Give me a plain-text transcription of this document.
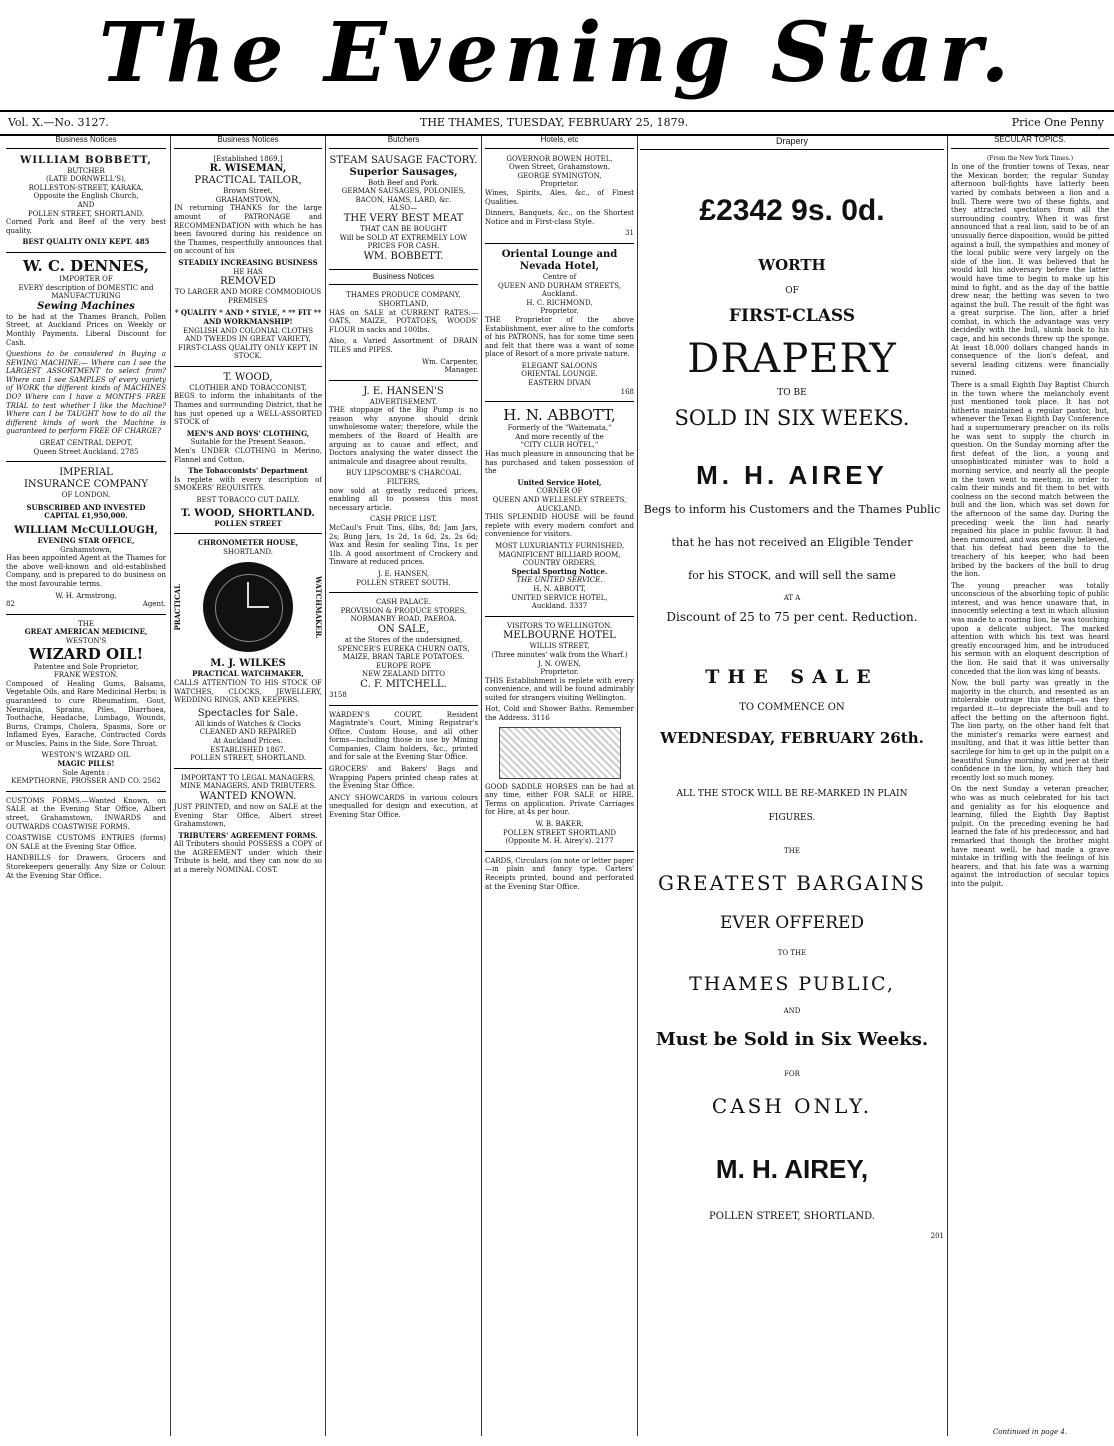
The Evening Star.
Vol. X.—No. 3127.	THE THAMES, TUESDAY, FEBRUARY 25, 1879.	Price One Penny
Business Notices
WILLIAM BOBBETT,
BUTCHER
(LATE DORNWELL'S),
ROLLESTON-STREET, KARAKA,
Opposite the English Church,
AND
POLLEN STREET, SHORTLAND.
Corned Pork and Beef of the very best quality.
BEST QUALITY ONLY KEPT. 485
W. C. DENNES,
IMPORTER OF
EVERY description of DOMESTIC and MANUFACTURING
Sewing Machines
to be had at the Thames Branch, Pollen Street, at Auckland Prices on Weekly or Monthly Payments. Liberal Discount for Cash.
Questions to be considered in Buying a SEWING MACHINE:— Where can I see the LARGEST ASSORTMENT to select from? Where can I see SAMPLES of every variety of WORK the different kinds of MACHINES DO? Where can I have a MONTH'S FREE TRIAL to test whether I like the Machine? Where can I be TAUGHT how to do all the different kinds of work the Machine is guaranteed to perform FREE OF CHARGE?
GREAT CENTRAL DEPOT,
Queen Street Auckland. 2785
IMPERIAL
INSURANCE COMPANY
OF LONDON.
SUBSCRIBED AND INVESTED
CAPITAL £1,950,000.
WILLIAM McCULLOUGH,
EVENING STAR OFFICE,
Grahamstown,
Has been appointed Agent at the Thames for the above well-known and old-established Company, and is prepared to do business on the most favourable terms.
W. H. Armstrong,
82	Agent.
THE
GREAT AMERICAN MEDICINE,
WESTON'S
WIZARD OIL!
Patentee and Sole Proprietor,
FRANK WESTON.
Composed of Healing Gums, Balsams, Vegetable Oils, and Rare Medicinal Herbs; is guaranteed to cure Rheumatism, Gout, Neuralgia, Sprains, Piles, Diarrhoea, Toothache, Headache, Lumbago, Wounds, Burns, Cramps, Cholera, Spasms, Sore or Inflamed Eyes, Earache, Contracted Cords or Muscles, Pains in the Side, Sore Throat.
WESTON'S WIZARD OIL
MAGIC PILLS!
Sole Agents :
KEMPTHORNE, PROSSER AND CO. 2562
CUSTOMS FORMS.—Wanted Known, on SALE at the Evening Star Office, Albert street, Grahamstown, INWARDS and OUTWARDS COASTWISE FORMS.
COASTWISE CUSTOMS ENTRIES (forms) ON SALE at the Evening Star Office.
HANDBILLS for Drawers, Grocers and Storekeepers generally. Any Size or Colour. At the Evening Star Office.
Business Notices
[Established 1869.]
R. WISEMAN,
PRACTICAL TAILOR,
Brown Street,
GRAHAMSTOWN,
IN returning THANKS for the large amount of PATRONAGE and RECOMMENDATION with which he has been favoured during his residence on the Thames, respectfully announces that on account of his
STEADILY INCREASING BUSINESS
HE HAS
REMOVED
TO LARGER AND MORE COMMODIOUS PREMISES
* QUALITY * AND * STYLE, * ** FIT ** AND WORKMANSHIP!
ENGLISH AND COLONIAL CLOTHS AND TWEEDS IN GREAT VARIETY,
FIRST-CLASS QUALITY ONLY KEPT IN STOCK.
T. WOOD,
CLOTHIER AND TOBACCONIST,
BEGS to inform the inhabitants of the Thames and surrounding District, that he has just opened up a WELL-ASSORTED STOCK of
MEN'S AND BOYS' CLOTHING,
Suitable for the Present Season.
Men's UNDER CLOTHING in Merino, Flannel and Cotton.
The Tobacconists' Department
Is replete with every description of SMOKERS' REQUISITES.
BEST TOBACCO CUT DAILY.
T. WOOD, SHORTLAND.
POLLEN STREET
CHRONOMETER HOUSE,
SHORTLAND.
PRACTICAL	WATCHMAKER.
M. J. WILKES
PRACTICAL WATCHMAKER,
CALLS ATTENTION TO HIS STOCK OF WATCHES, CLOCKS, JEWELLERY, WEDDING RINGS, AND KEEPERS.
Spectacles for Sale.
All kinds of Watches & Clocks
CLEANED AND REPAIRED
At Auckland Prices.
ESTABLISHED 1867.
POLLEN STREET, SHORTLAND.
IMPORTANT TO LEGAL MANAGERS, MINE MANAGERS, AND TRIBUTERS.
WANTED KNOWN.
JUST PRINTED, and now on SALE at the Evening Star Office, Albert street Grahamstown,
TRIBUTERS' AGREEMENT FORMS.
All Tributers should POSSESS a COPY of the AGREEMENT under which their Tribute is held, and they can now do so at a merely NOMINAL COST.
Butchers
STEAM SAUSAGE FACTORY.
Superior Sausages,
Both Beef and Pork.
GERMAN SAUSAGES, POLONIES,
BACON, HAMS, LARD, &c.
ALSO—
THE VERY BEST MEAT
THAT CAN BE BOUGHT
Will be SOLD AT EXTREMELY LOW
PRICES FOR CASH.
WM. BOBBETT.
Business Notices
THAMES PRODUCE COMPANY, SHORTLAND,
HAS on SALE at CURRENT RATES:— OATS, MAIZE, POTATOES, WOODS' FLOUR in sacks and 100lbs.
Also, a Varied Assortment of DRAIN TILES and PIPES.
Wm. Carpenter,
Manager.
J. E. HANSEN'S
ADVERTISEMENT.
THE stoppage of the Big Pump is no reason why anyone should drink unwholesome water; therefore, while the members of the Board of Health are arguing as to cause and effect, and Doctors analysing the water dissect the animalcule and disagree about results,
BUY LIPSCOMBE'S CHARCOAL FILTERS,
now sold at greatly reduced prices, enabling all to possess this most necessary article.
CASH PRICE LIST.
McCaul's Fruit Tins, 6lbs, 8d; Jam Jars, 2s; Bung Jars, 1s 2d, 1s 6d, 2s, 2s 6d; Wax and Resin for sealing Tins, 1s per 1lb. A good assortment of Crockery and Tinware at reduced prices.
J. E. HANSEN,
POLLEN STREET SOUTH.
CASH PALACE.
PROVISION & PRODUCE STORES,
NORMANBY ROAD, PAEROA.
ON SALE,
at the Stores of the undersigned,
SPENCER'S EUREKA CHURN OATS, MAIZE, BRAN TABLE POTATOES.
EUROPE ROPE
NEW ZEALAND DITTO
C. F. MITCHELL.
3158
WARDEN'S COURT, Resident Magistrate's Court, Mining Registrar's Office, Custom House, and all other forms—including those in use by Mining Companies, Claim holders, &c., printed and for sale at the Evening Star Office.
GROCERS' and Bakers' Bags and Wrapping Papers printed cheap rates at the Evening Star Office.
ANCY SHOWCARDS in various colours unequalled for design and execution, at Evening Star Office.
Hotels, etc
GOVERNOR BOWEN HOTEL,
Owen Street, Grahamstown.
GEORGE SYMINGTON,
Proprietor.
Wines, Spirits, Ales, &c., of Finest Qualities.
Dinners, Banquets, &c., on the Shortest Notice and in First-class Style.
31
Oriental Lounge and Nevada Hotel,
Centre of
QUEEN AND DURHAM STREETS,
Auckland.
H. C. RICHMOND,
Proprietor.
THE Proprietor of the above Establishment, ever alive to the comforts of his PATRONS, has for some time seen and felt that there was a want of some place of Resort of a more private nature.
ELEGANT SALOONS
ORIENTAL LOUNGE.
EASTERN DIVAN
168
H. N. ABBOTT,
Formerly of the "Waitemata,"
And more recently of the
"CITY CLUB HOTEL,"
Has much pleasure in announcing that he has purchased and taken possession of the
United Service Hotel,
CORNER OF
QUEEN AND WELLESLEY STREETS, AUCKLAND.
THIS SPLENDID HOUSE will be found replete with every modern comfort and convenience for visitors.
MOST LUXURIANTLY FURNISHED,
MAGNIFICENT BILLIARD ROOM,
COUNTRY ORDERS,
Special Sporting Notice.
THE UNITED SERVICE.
H. N. ABBOTT,
UNITED SERVICE HOTEL,
Auckland. 3337
VISITORS TO WELLINGTON.
MELBOURNE HOTEL
WILLIS STREET,
(Three minutes' walk from the Wharf.)
J. N. OWEN,
Proprietor.
THIS Establishment is replete with every convenience, and will be found admirably suited for strangers visiting Wellington.
Hot, Cold and Shower Baths. Remember the Address. 3116
GOOD SADDLE HORSES can be had at any time, either FOR SALE or HIRE. Terms on application. Private Carriages for Hire, at 4s per hour.
W. B. BAKER,
POLLEN STREET SHORTLAND
(Opposite M. H. Airey's). 2177
CARDS, Circulars (on note or letter paper—in plain and fancy type. Carters' Receipts printed, bound and perforated at the Evening Star Office.
Drapery
£2342 9s. 0d.
WORTH
OF
FIRST-CLASS
DRAPERY
TO BE
SOLD IN SIX WEEKS.
M. H. AIREY
Begs to inform his Customers and the Thames Public
that he has not received an Eligible Tender
for his STOCK, and will sell the same
AT A
Discount of 25 to 75 per cent. Reduction.
THE SALE
TO COMMENCE ON
WEDNESDAY, FEBRUARY 26th.
ALL THE STOCK WILL BE RE-MARKED IN PLAIN
FIGURES.
THE
GREATEST BARGAINS
EVER OFFERED
TO THE
THAMES PUBLIC,
AND
Must be Sold in Six Weeks.
FOR
CASH ONLY.
M. H. AIREY,
POLLEN STREET, SHORTLAND.
201
SECULAR TOPICS.
(From the New York Times.)
In one of the frontier towns of Texas, near the Mexican border, the regular Sunday afternoon bull-fights have latterly been varied by combats between a lion and a bull. There were two of these fights, and they attracted spectators from all the surrounding country. When it was first announced that a real lion, said to be of an unusually fierce disposition, would be pitted against a bull, the sympathies and money of the local public were very largely on the side of the lion. It was believed that he would kill his adversary before the latter would have time to begin to make up his mind to fight, and as the day of the battle drew near, the betting was seven to two against the bull. The result of the fight was a great surprise. The lion, after a brief combat, in which the advantage was very decidedly with the bull, slunk back to his cage, and his seconds threw up the sponge. At least 18,000 dollars changed hands in consequence of the lion's defeat, and several leading citizens were financially ruined.
There is a small Eighth Day Baptist Church in the town where the melancholy event just mentioned took place. It has not hitherto maintained a regular pastor, but, whenever the Texan Eighth Day Conference had a supernumerary preacher on its rolls he was sent to supply the church in question. On the Sunday morning after the first defeat of the lion, a young and unsophisticated minister was to hold a morning service, and nearly all the people in the town went to meeting, in order to calm their minds and fit them to bet with coolness on the second match between the bull and the lion, which was set down for the afternoon of the same day. During the preceding week the lion had nearly regained his place in public favour. It had been rumoured, and was generally believed, that his defeat had been due to the treachery of his keeper, who had been bribed by the backers of the bull to drug the lion.
The young preacher was totally unconscious of the absorbing topic of public interest, and was hence unaware that, in innocently selecting a text in which allusion was made to a roaring lion, he was touching upon a delicate subject. The marked attention with which his text was heard greatly encouraged him, and he introduced his sermon with an eloquent description of the lion. He said that it was universally conceded that the lion was king of beasts.
Now, the bull party was greatly in the majority in the church, and resented as an intolerable outrage this attempt—as they regarded it—to depreciate the bull and to affect the betting on the afternoon fight. The lion party, on the other hand felt that the minister's remarks were earnest and insulting, and that it was little better than sacrilege for him to get up in the pulpit on a beautiful Sunday morning, and jeer at their confidence in the lion, by which they had recently lost so much money.
On the next Sunday a veteran preacher, who was as much celebrated for his tact and geniality as for his eloquence and learning, filled the Eighth Day Baptist pulpit. On the preceding evening he had learned the fate of his predecessor, and had remarked that though the brother might have meant well, he had made a grave mistake in trifling with the feelings of his hearers, and that his fate was a warning against the introduction of secular topics into the pulpit.
Continued in page 4.
